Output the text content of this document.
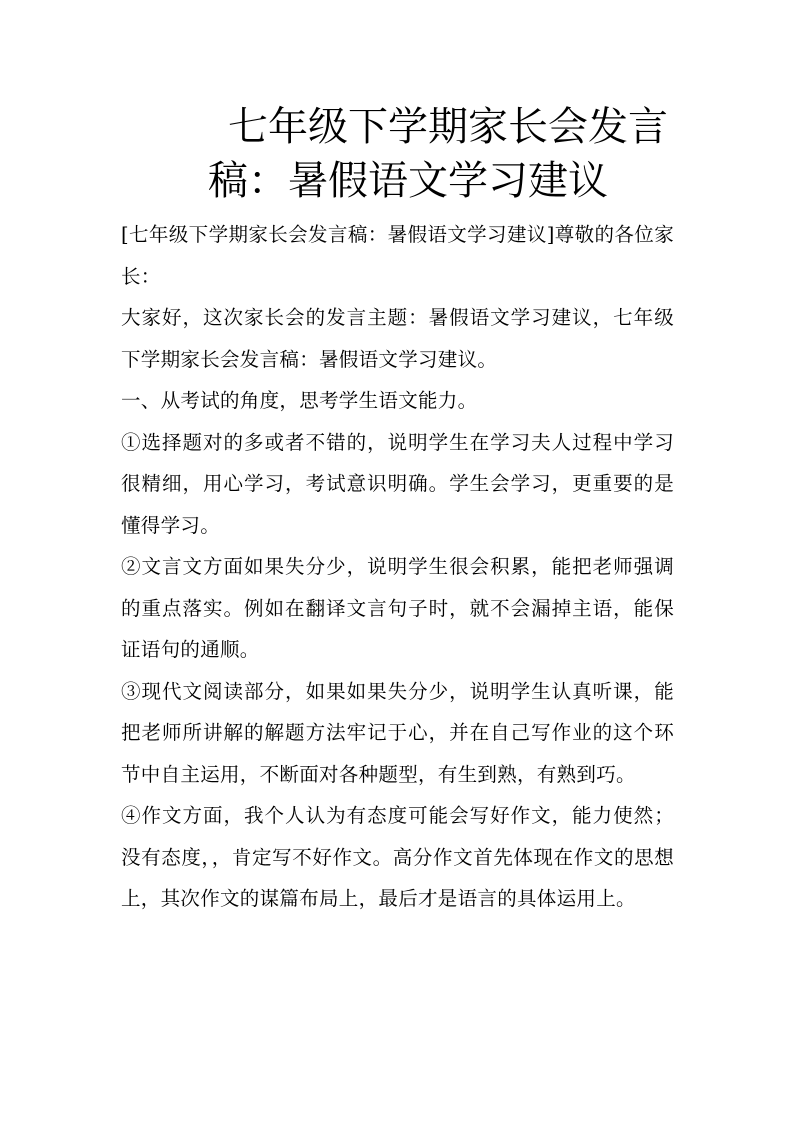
七年级下学期家长会发言
稿：暑假语文学习建议

[七年级下学期家长会发言稿：暑假语文学习建议]尊敬的各位家长：

大家好，这次家长会的发言主题：暑假语文学习建议，七年级下学期家长会发言稿：暑假语文学习建议。

一、从考试的角度，思考学生语文能力。

①选择题对的多或者不错的，说明学生在学习夫人过程中学习很精细，用心学习，考试意识明确。学生会学习，更重要的是懂得学习。

②文言文方面如果失分少，说明学生很会积累，能把老师强调的重点落实。例如在翻译文言句子时，就不会漏掉主语，能保证语句的通顺。

③现代文阅读部分，如果如果失分少，说明学生认真听课，能把老师所讲解的解题方法牢记于心，并在自己写作业的这个环节中自主运用，不断面对各种题型，有生到熟，有熟到巧。

④作文方面，我个人认为有态度可能会写好作文，能力使然；没有态度，，肯定写不好作文。高分作文首先体现在作文的思想上，其次作文的谋篇布局上，最后才是语言的具体运用上。
